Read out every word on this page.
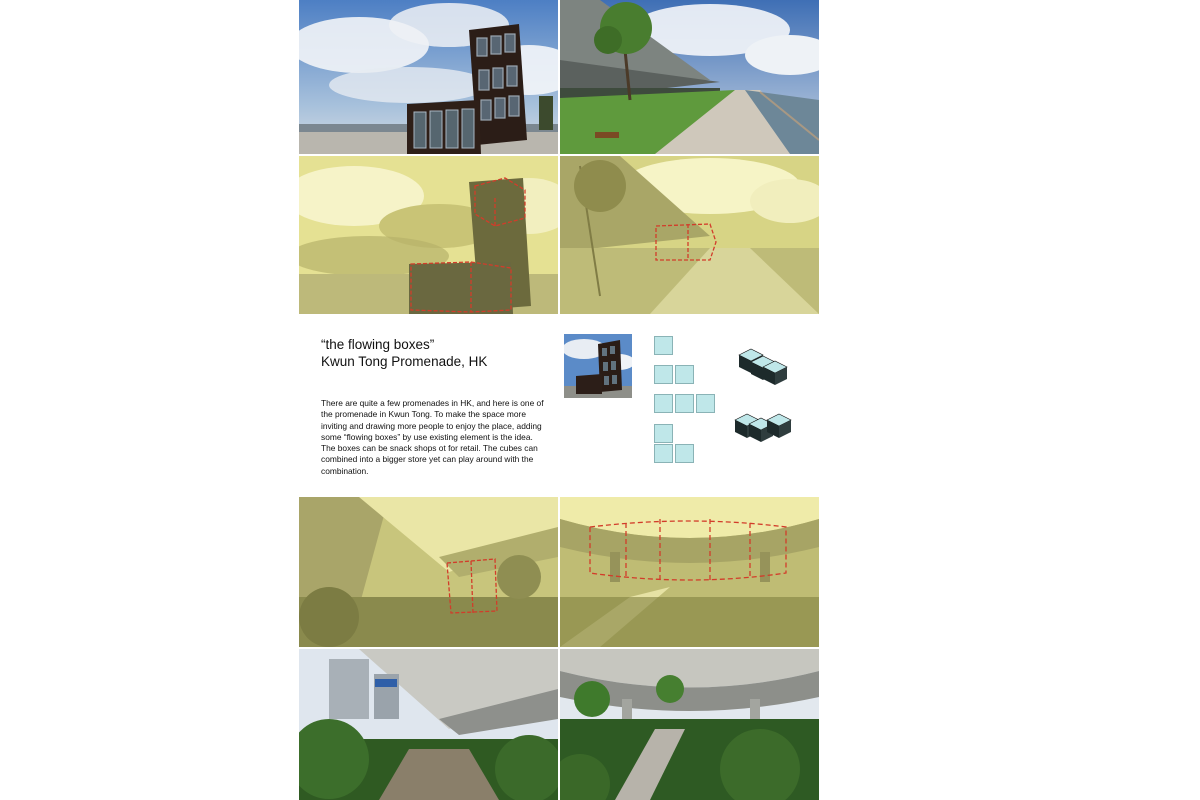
“the flowing boxes”

Kwun Tong Promenade, HK

There are quite a few promenades in HK, and here is one of the promenade in Kwun Tong. To make the space more inviting and drawing more people to enjoy the place, adding some “flowing boxes” by use existing element is the idea. The boxes can be snack shops ot for retail. The cubes can combined into a bigger store yet can play around with the combination.
